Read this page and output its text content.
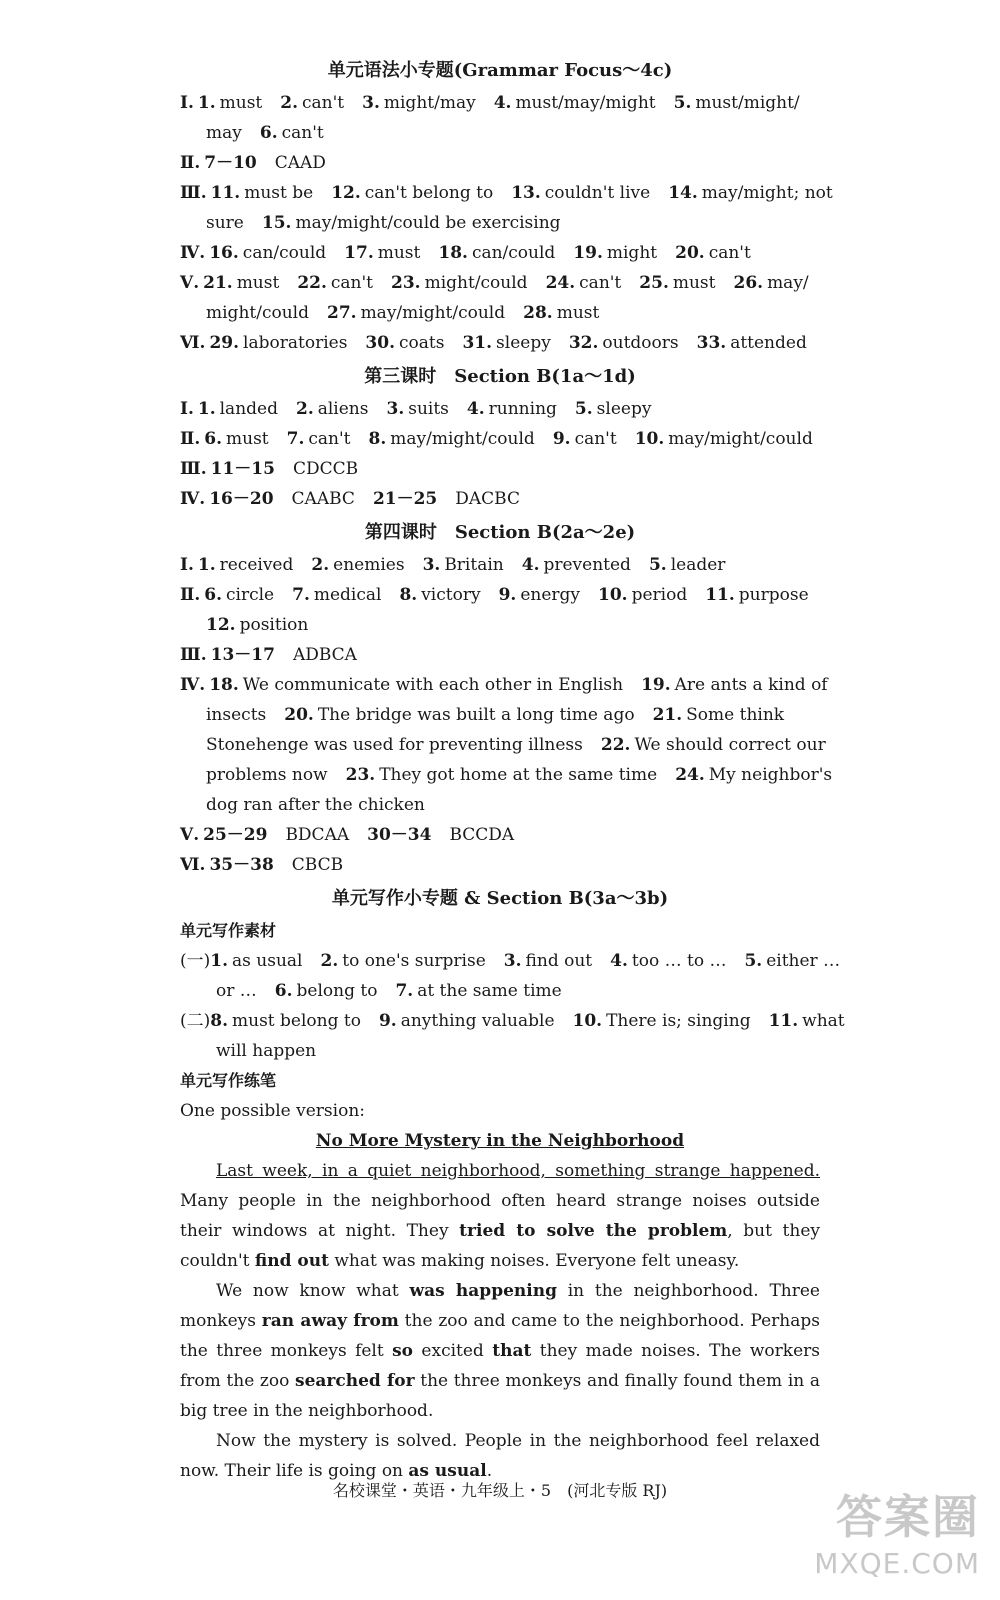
单元语法小专题(Grammar Focus～4c)
Ⅰ. 1. must 2. can't 3. might/may 4. must/may/might 5. must/might/
may 6. can't
Ⅱ. 7－10 CAAD
Ⅲ. 11. must be 12. can't belong to 13. couldn't live 14. may/might; not
sure 15. may/might/could be exercising
Ⅳ. 16. can/could 17. must 18. can/could 19. might 20. can't
Ⅴ. 21. must 22. can't 23. might/could 24. can't 25. must 26. may/
might/could 27. may/might/could 28. must
Ⅵ. 29. laboratories 30. coats 31. sleepy 32. outdoors 33. attended
第三课时　Section B(1a～1d)
Ⅰ. 1. landed 2. aliens 3. suits 4. running 5. sleepy
Ⅱ. 6. must 7. can't 8. may/might/could 9. can't 10. may/might/could
Ⅲ. 11－15 CDCCB
Ⅳ. 16－20 CAABC 21－25 DACBC
第四课时　Section B(2a～2e)
Ⅰ. 1. received 2. enemies 3. Britain 4. prevented 5. leader
Ⅱ. 6. circle 7. medical 8. victory 9. energy 10. period 11. purpose
12. position
Ⅲ. 13－17 ADBCA
Ⅳ. 18. We communicate with each other in English 19. Are ants a kind of
insects 20. The bridge was built a long time ago 21. Some think
Stonehenge was used for preventing illness 22. We should correct our
problems now 23. They got home at the same time 24. My neighbor's
dog ran after the chicken
Ⅴ. 25－29 BDCAA 30－34 BCCDA
Ⅵ. 35－38 CBCB
单元写作小专题 & Section B(3a～3b)
单元写作素材
(一) 1. as usual 2. to one's surprise 3. find out 4. too … to … 5. either …
or … 6. belong to 7. at the same time
(二) 8. must belong to 9. anything valuable 10. There is; singing 11. what
will happen
单元写作练笔
One possible version:
No More Mystery in the Neighborhood
Last week, in a quiet neighborhood, something strange happened. Many people in the neighborhood often heard strange noises outside their windows at night. They tried to solve the problem, but they couldn't find out what was making noises. Everyone felt uneasy.
We now know what was happening in the neighborhood. Three monkeys ran away from the zoo and came to the neighborhood. Perhaps the three monkeys felt so excited that they made noises. The workers from the zoo searched for the three monkeys and finally found them in a big tree in the neighborhood.
Now the mystery is solved. People in the neighborhood feel relaxed now. Their life is going on as usual.
名校课堂・英语・九年级上・5　(河北专版 RJ)	答案圈
MXQE.COM
